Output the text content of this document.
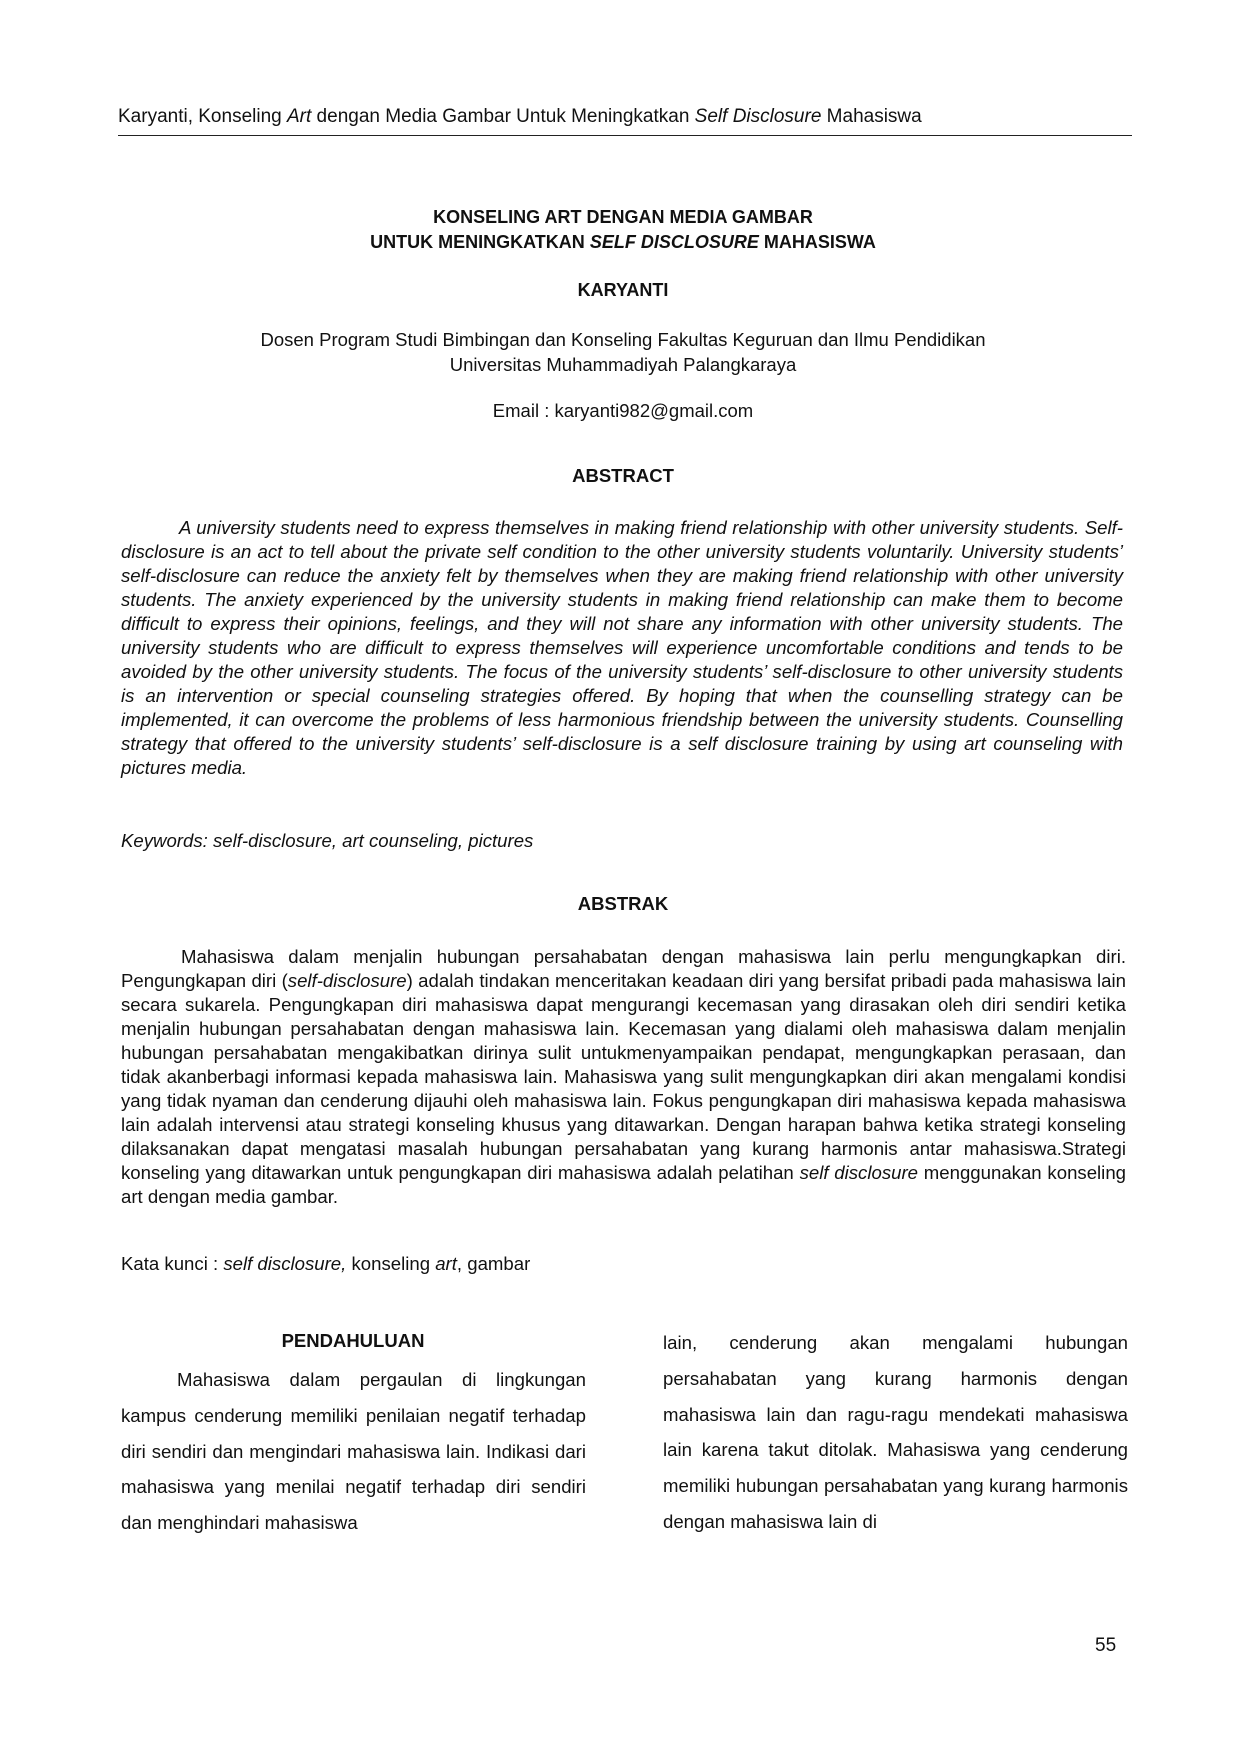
Karyanti, Konseling Art dengan Media Gambar Untuk Meningkatkan Self Disclosure Mahasiswa
KONSELING ART DENGAN MEDIA GAMBAR
UNTUK MENINGKATKAN SELF DISCLOSURE MAHASISWA
KARYANTI
Dosen Program Studi Bimbingan dan Konseling Fakultas Keguruan dan Ilmu Pendidikan
Universitas Muhammadiyah Palangkaraya
Email : karyanti982@gmail.com
ABSTRACT

A university students need to express themselves in making friend relationship with other university students. Self-disclosure is an act to tell about the private self condition to the other university students voluntarily. University students’ self-disclosure can reduce the anxiety felt by themselves when they are making friend relationship with other university students. The anxiety experienced by the university students in making friend relationship can make them to become difficult to express their opinions, feelings, and they will not share any information with other university students. The university students who are difficult to express themselves will experience uncomfortable conditions and tends to be avoided by the other university students. The focus of the university students’ self-disclosure to other university students is an intervention or special counseling strategies offered. By hoping that when the counselling strategy can be implemented, it can overcome the problems of less harmonious friendship between the university students. Counselling strategy that offered to the university students’ self-disclosure is a self disclosure training by using art counseling with pictures media.

Keywords: self-disclosure, art counseling, pictures

ABSTRAK

Mahasiswa dalam menjalin hubungan persahabatan dengan mahasiswa lain perlu mengungkapkan diri. Pengungkapan diri (self-disclosure) adalah tindakan menceritakan keadaan diri yang bersifat pribadi pada mahasiswa lain secara sukarela. Pengungkapan diri mahasiswa dapat mengurangi kecemasan yang dirasakan oleh diri sendiri ketika menjalin hubungan persahabatan dengan mahasiswa lain. Kecemasan yang dialami oleh mahasiswa dalam menjalin hubungan persahabatan mengakibatkan dirinya sulit untukmenyampaikan pendapat, mengungkapkan perasaan, dan tidak akanberbagi informasi kepada mahasiswa lain. Mahasiswa yang sulit mengungkapkan diri akan mengalami kondisi yang tidak nyaman dan cenderung dijauhi oleh mahasiswa lain. Fokus pengungkapan diri mahasiswa kepada mahasiswa lain adalah intervensi atau strategi konseling khusus yang ditawarkan. Dengan harapan bahwa ketika strategi konseling dilaksanakan dapat mengatasi masalah hubungan persahabatan yang kurang harmonis antar mahasiswa.Strategi konseling yang ditawarkan untuk pengungkapan diri mahasiswa adalah pelatihan self disclosure menggunakan konseling art dengan media gambar.

Kata kunci : self disclosure, konseling art, gambar

PENDAHULUAN

Mahasiswa dalam pergaulan di lingkungan kampus cenderung memiliki penilaian negatif terhadap diri sendiri dan mengindari mahasiswa lain. Indikasi dari mahasiswa yang menilai negatif terhadap diri sendiri dan menghindari mahasiswa

lain, cenderung akan mengalami hubungan persahabatan yang kurang harmonis dengan mahasiswa lain dan ragu-ragu mendekati mahasiswa lain karena takut ditolak. Mahasiswa yang cenderung memiliki hubungan persahabatan yang kurang harmonis dengan mahasiswa lain di

55
